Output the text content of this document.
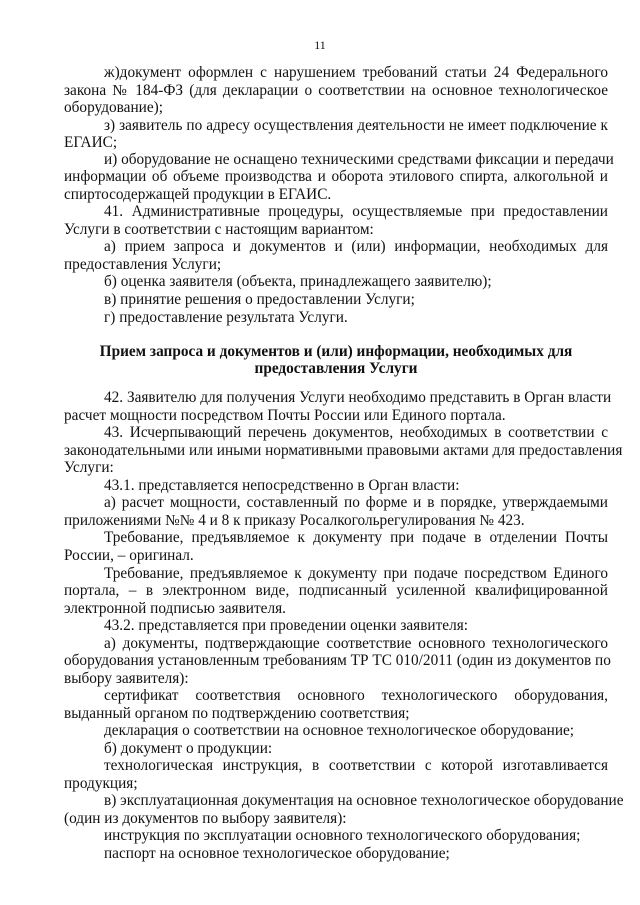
11
ж)документ оформлен с нарушением требований статьи 24 Федерального
закона № 184-ФЗ (для декларации о соответствии на основное технологическое
оборудование);
з) заявитель по адресу осуществления деятельности не имеет подключение к
ЕГАИС;
и) оборудование не оснащено техническими средствами фиксации и передачи
информации об объеме производства и оборота этилового спирта, алкогольной и
спиртосодержащей продукции в ЕГАИС.
41. Административные процедуры, осуществляемые при предоставлении
Услуги в соответствии с настоящим вариантом:
а) прием запроса и документов и (или) информации, необходимых для
предоставления Услуги;
б) оценка заявителя (объекта, принадлежащего заявителю);
в) принятие решения о предоставлении Услуги;
г) предоставление результата Услуги.
Прием запроса и документов и (или) информации, необходимых для
предоставления Услуги
42. Заявителю для получения Услуги необходимо представить в Орган власти
расчет мощности посредством Почты России или Единого портала.
43. Исчерпывающий перечень документов, необходимых в соответствии с
законодательными или иными нормативными правовыми актами для предоставления
Услуги:
43.1. представляется непосредственно в Орган власти:
а) расчет мощности, составленный по форме и в порядке, утверждаемыми
приложениями №№ 4 и 8 к приказу Росалкогольрегулирования № 423.
Требование, предъявляемое к документу при подаче в отделении Почты
России, – оригинал.
Требование, предъявляемое к документу при подаче посредством Единого
портала, – в электронном виде, подписанный усиленной квалифицированной
электронной подписью заявителя.
43.2. представляется при проведении оценки заявителя:
а) документы, подтверждающие соответствие основного технологического
оборудования установленным требованиям ТР ТС 010/2011 (один из документов по
выбору заявителя):
сертификат соответствия основного технологического оборудования,
выданный органом по подтверждению соответствия;
декларация о соответствии на основное технологическое оборудование;
б) документ о продукции:
технологическая инструкция, в соответствии с которой изготавливается
продукция;
в) эксплуатационная документация на основное технологическое оборудование
(один из документов по выбору заявителя):
инструкция по эксплуатации основного технологического оборудования;
паспорт на основное технологическое оборудование;
